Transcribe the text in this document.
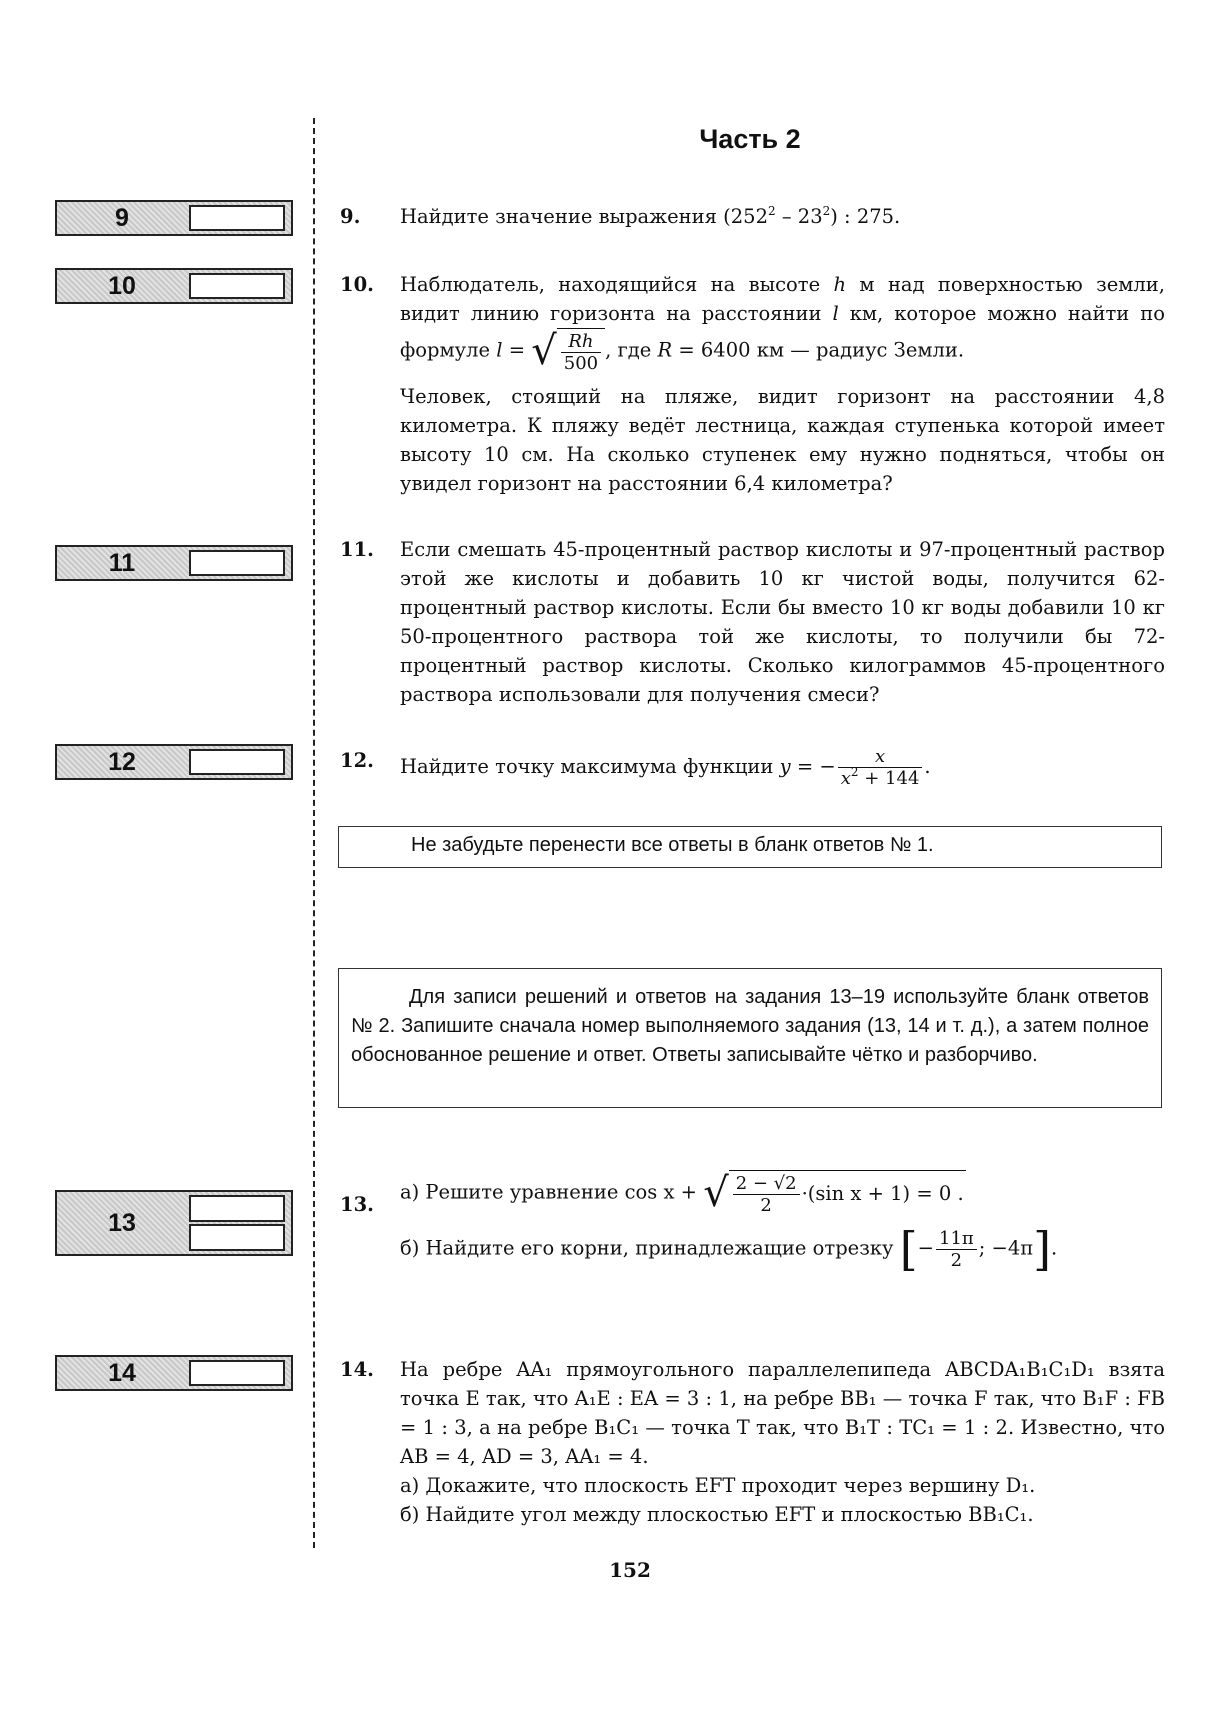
Часть 2
9
10
11
12
13
14
9. Найдите значение выражения $(252^2 - 23^2)$ : 275.
10. Наблюдатель, находящийся на высоте h м над поверхностью земли, видит линию горизонта на расстоянии l км, которое можно найти по формуле l = √ $\frac{Rh}{500}$ , где R = 6400 км — радиус Земли.

Человек, стоящий на пляже, видит горизонт на расстоянии 4,8 километра. К пляжу ведёт лестница, каждая ступенька которой имеет высоту 10 см. На сколько ступенек ему нужно подняться, чтобы он увидел горизонт на расстоянии 6,4 километра?

11. Если смешать 45-процентный раствор кислоты и 97-процентный раствор этой же кислоты и добавить 10 кг чистой воды, получится 62-процентный раствор кислоты. Если бы вместо 10 кг воды добавили 10 кг 50-процентного раствора той же кислоты, то получили бы 72-процентный раствор кислоты. Сколько килограммов 45-процентного раствора использовали для получения смеси?
12. Найдите точку максимума функции y = − $\frac{x}{x^2 + 144}$ .
Не забудьте перенести все ответы в бланк ответов № 1.
Для записи решений и ответов на задания 13–19 используйте бланк ответов № 2. Запишите сначала номер выполняемого задания (13, 14 и т. д.), а затем полное обоснованное решение и ответ. Ответы записывайте чётко и разборчиво.
13.

а) Решите уравнение cos x + √ $\frac{2 - √2}{2} \cdot(\sin$ x + 1) = 0 .

б) Найдите его корни, принадлежащие отрезку [− $\frac{11\pi}{2}$ ; −4π].

14. На ребре AA₁ прямоугольного параллелепипеда ABCDA₁B₁C₁D₁ взята точка E так, что A₁E : EA = 3 : 1, на ребре BB₁ — точка F так, что B₁F : FB = 1 : 3, а на ребре B₁C₁ — точка T так, что B₁T : TC₁ = 1 : 2. Известно, что AB = 4, AD = 3, AA₁ = 4.
а) Докажите, что плоскость EFT проходит через вершину D₁.
б) Найдите угол между плоскостью EFT и плоскостью BB₁C₁.
152
